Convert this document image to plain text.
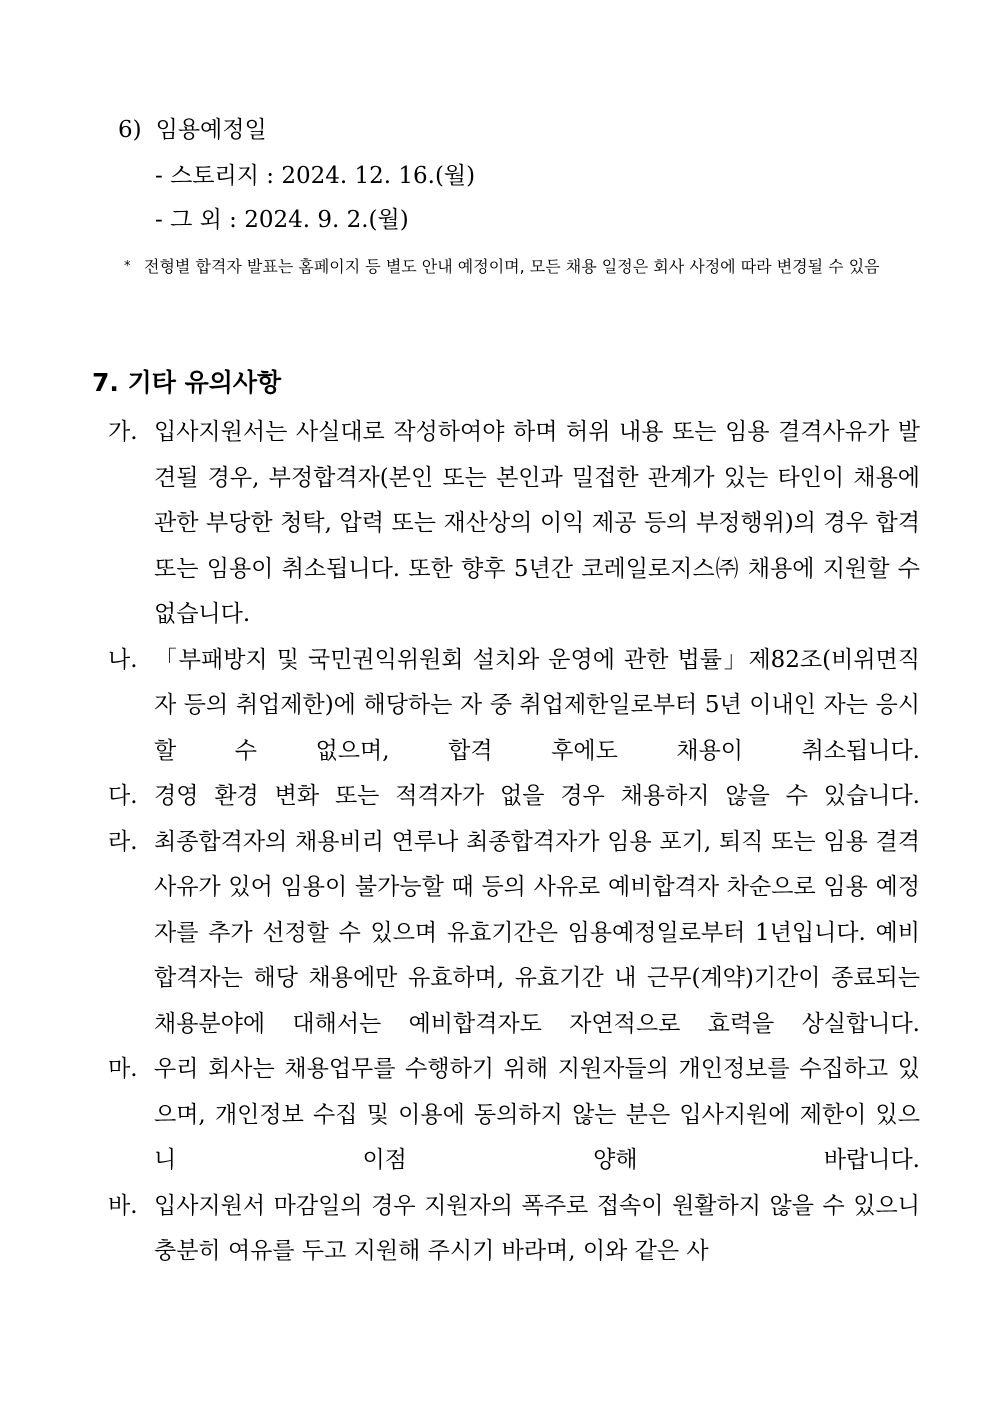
6) 임용예정일
- 스토리지 : 2024. 12. 16.(월)
- 그 외 : 2024. 9. 2.(월)
* 전형별 합격자 발표는 홈페이지 등 별도 안내 예정이며, 모든 채용 일정은 회사 사정에 따라 변경될 수 있음
7. 기타 유의사항

가. 입사지원서는 사실대로 작성하여야 하며 허위 내용 또는 임용 결격사유가 발견될 경우, 부정합격자(본인 또는 본인과 밀접한 관계가 있는 타인이 채용에 관한 부당한 청탁, 압력 또는 재산상의 이익 제공 등의 부정행위)의 경우 합격 또는 임용이 취소됩니다. 또한 향후 5년간 코레일로지스㈜ 채용에 지원할 수 없습니다.

나. 「부패방지 및 국민권익위원회 설치와 운영에 관한 법률」제82조(비위면직자 등의 취업제한)에 해당하는 자 중 취업제한일로부터 5년 이내인 자는 응시할 수 없으며, 합격 후에도 채용이 취소됩니다.

다. 경영 환경 변화 또는 적격자가 없을 경우 채용하지 않을 수 있습니다.

라. 최종합격자의 채용비리 연루나 최종합격자가 임용 포기, 퇴직 또는 임용 결격사유가 있어 임용이 불가능할 때 등의 사유로 예비합격자 차순으로 임용 예정자를 추가 선정할 수 있으며 유효기간은 임용예정일로부터 1년입니다. 예비합격자는 해당 채용에만 유효하며, 유효기간 내 근무(계약)기간이 종료되는 채용분야에 대해서는 예비합격자도 자연적으로 효력을 상실합니다.

마. 우리 회사는 채용업무를 수행하기 위해 지원자들의 개인정보를 수집하고 있으며, 개인정보 수집 및 이용에 동의하지 않는 분은 입사지원에 제한이 있으니 이점 양해 바랍니다.

바. 입사지원서 마감일의 경우 지원자의 폭주로 접속이 원활하지 않을 수 있으니 충분히 여유를 두고 지원해 주시기 바라며, 이와 같은 사
